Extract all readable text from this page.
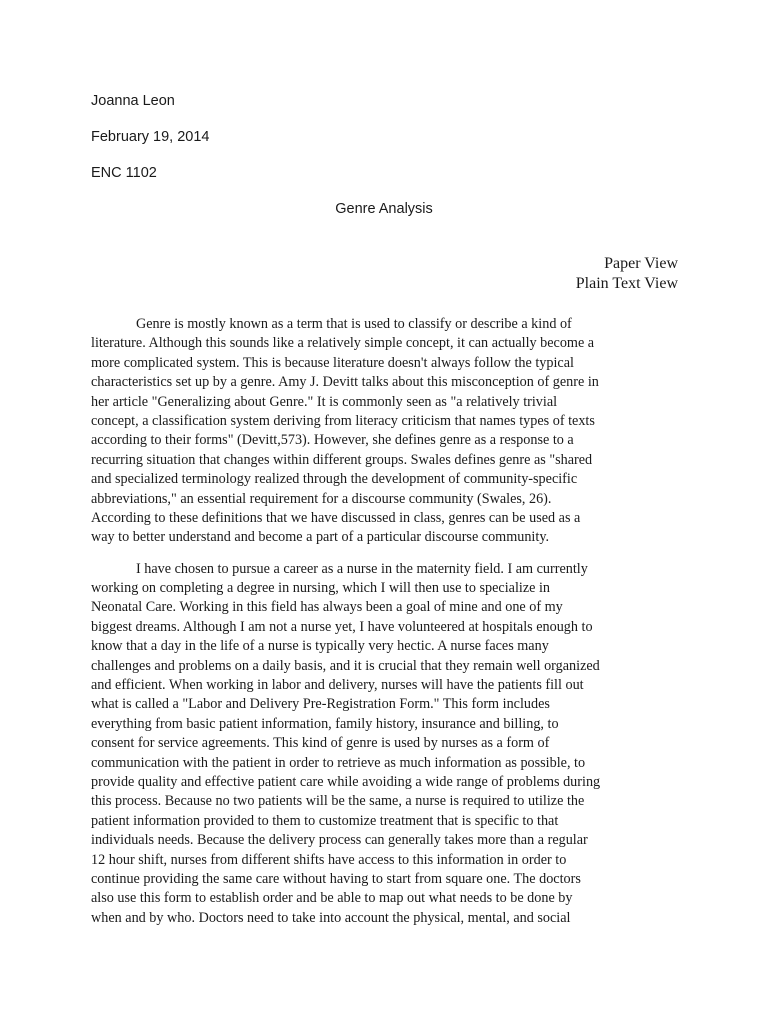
Joanna Leon
February 19, 2014
ENC 1102
Genre Analysis
Paper View
Plain Text View
Genre is mostly known as a term that is used to classify or describe a kind of
literature. Although this sounds like a relatively simple concept, it can actually become a
more complicated system. This is because literature doesn't always follow the typical
characteristics set up by a genre. Amy J. Devitt talks about this misconception of genre in
her article "Generalizing about Genre." It is commonly seen as "a relatively trivial
concept, a classification system deriving from literacy criticism that names types of texts
according to their forms" (Devitt,573). However, she defines genre as a response to a
recurring situation that changes within different groups. Swales defines genre as "shared
and specialized terminology realized through the development of community-specific
abbreviations," an essential requirement for a discourse community (Swales, 26).
According to these definitions that we have discussed in class, genres can be used as a
way to better understand and become a part of a particular discourse community.
I have chosen to pursue a career as a nurse in the maternity field. I am currently
working on completing a degree in nursing, which I will then use to specialize in
Neonatal Care. Working in this field has always been a goal of mine and one of my
biggest dreams. Although I am not a nurse yet, I have volunteered at hospitals enough to
know that a day in the life of a nurse is typically very hectic. A nurse faces many
challenges and problems on a daily basis, and it is crucial that they remain well organized
and efficient. When working in labor and delivery, nurses will have the patients fill out
what is called a "Labor and Delivery Pre-Registration Form." This form includes
everything from basic patient information, family history, insurance and billing, to
consent for service agreements. This kind of genre is used by nurses as a form of
communication with the patient in order to retrieve as much information as possible, to
provide quality and effective patient care while avoiding a wide range of problems during
this process. Because no two patients will be the same, a nurse is required to utilize the
patient information provided to them to customize treatment that is specific to that
individuals needs. Because the delivery process can generally takes more than a regular
12 hour shift, nurses from different shifts have access to this information in order to
continue providing the same care without having to start from square one. The doctors
also use this form to establish order and be able to map out what needs to be done by
when and by who. Doctors need to take into account the physical, mental, and social
